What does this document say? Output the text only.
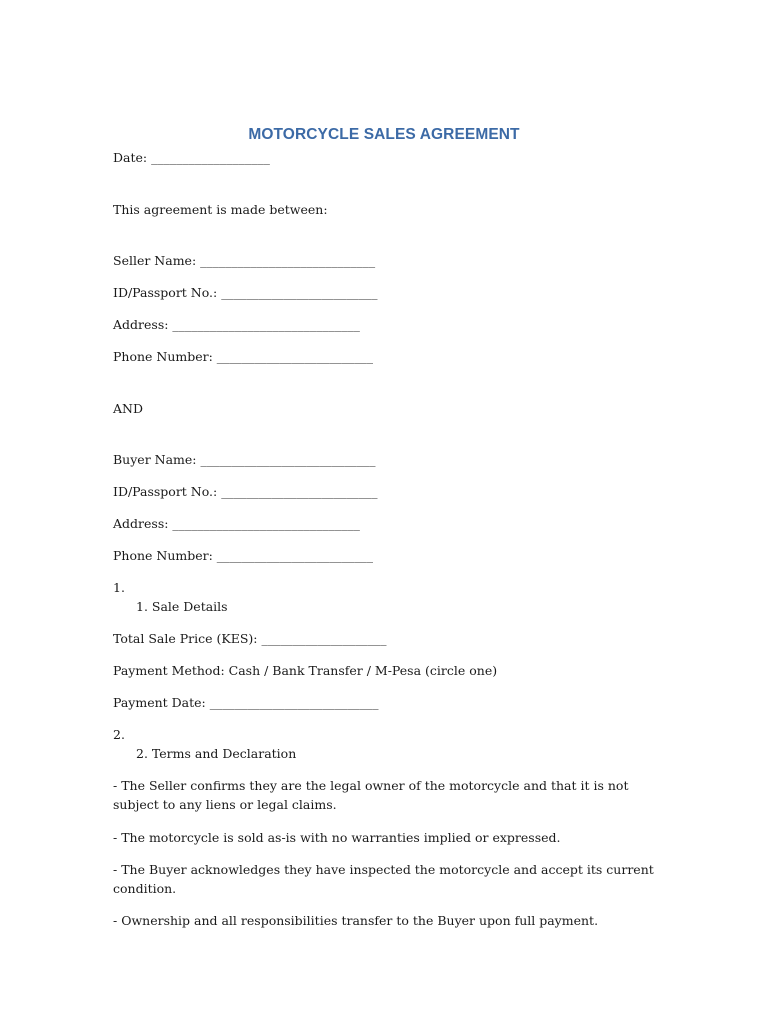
MOTORCYCLE SALES AGREEMENT
Date: ___________________
This agreement is made between:
Seller Name: ____________________________
ID/Passport No.: _________________________
Address: ______________________________
Phone Number: _________________________
AND
Buyer Name: ____________________________
ID/Passport No.: _________________________
Address: ______________________________
Phone Number: _________________________
1.
1. Sale Details
Total Sale Price (KES): ____________________
Payment Method: Cash / Bank Transfer / M-Pesa (circle one)
Payment Date: ___________________________
2.
2. Terms and Declaration
- The Seller confirms they are the legal owner of the motorcycle and that it is not subject to any liens or legal claims.
- The motorcycle is sold as-is with no warranties implied or expressed.
- The Buyer acknowledges they have inspected the motorcycle and accept its current condition.
- Ownership and all responsibilities transfer to the Buyer upon full payment.
